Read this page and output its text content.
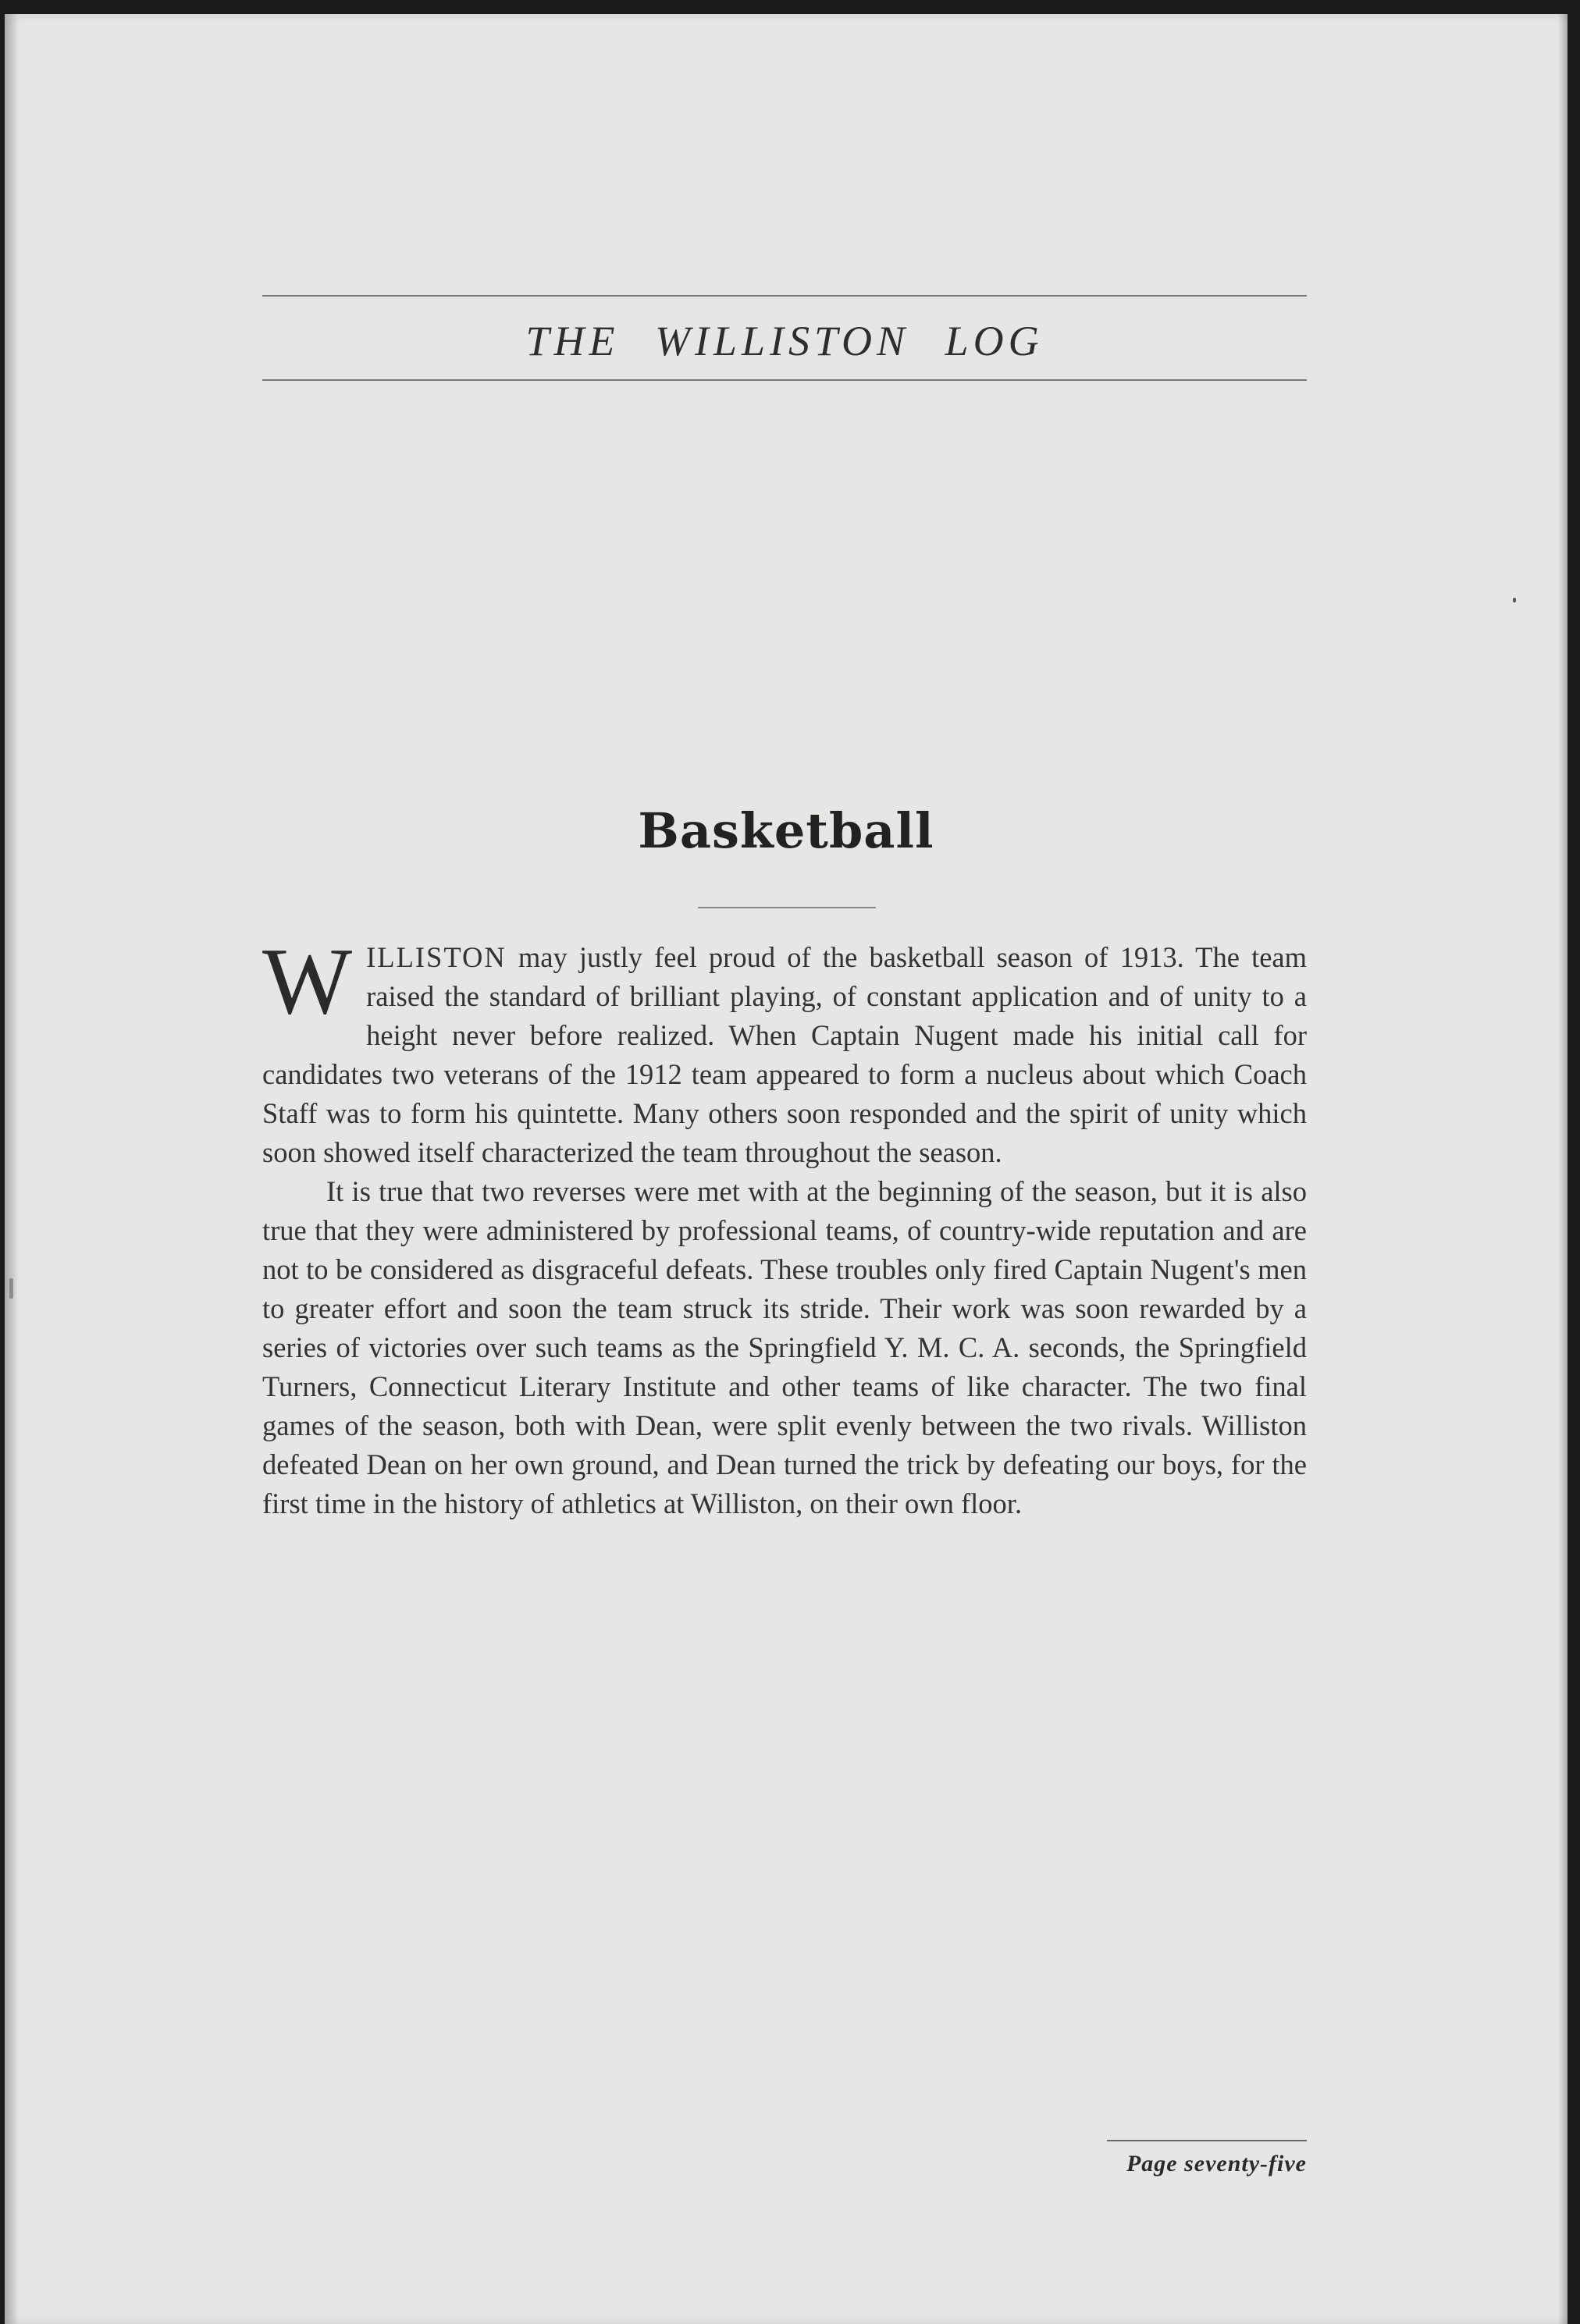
THE WILLISTON LOG
Basketball

WILLISTON may justly feel proud of the basketball season of 1913. The team raised the standard of brilliant playing, of constant application and of unity to a height never before realized. When Captain Nugent made his initial call for candidates two veterans of the 1912 team appeared to form a nucleus about which Coach Staff was to form his quintette. Many others soon responded and the spirit of unity which soon showed itself characterized the team throughout the season.

It is true that two reverses were met with at the beginning of the season, but it is also true that they were administered by professional teams, of country-wide reputation and are not to be considered as disgraceful defeats. These troubles only fired Captain Nugent's men to greater effort and soon the team struck its stride. Their work was soon rewarded by a series of victories over such teams as the Springfield Y. M. C. A. seconds, the Springfield Turners, Connecticut Literary Institute and other teams of like character. The two final games of the season, both with Dean, were split evenly between the two rivals. Williston defeated Dean on her own ground, and Dean turned the trick by defeating our boys, for the first time in the history of athletics at Williston, on their own floor.

Page seventy-five
